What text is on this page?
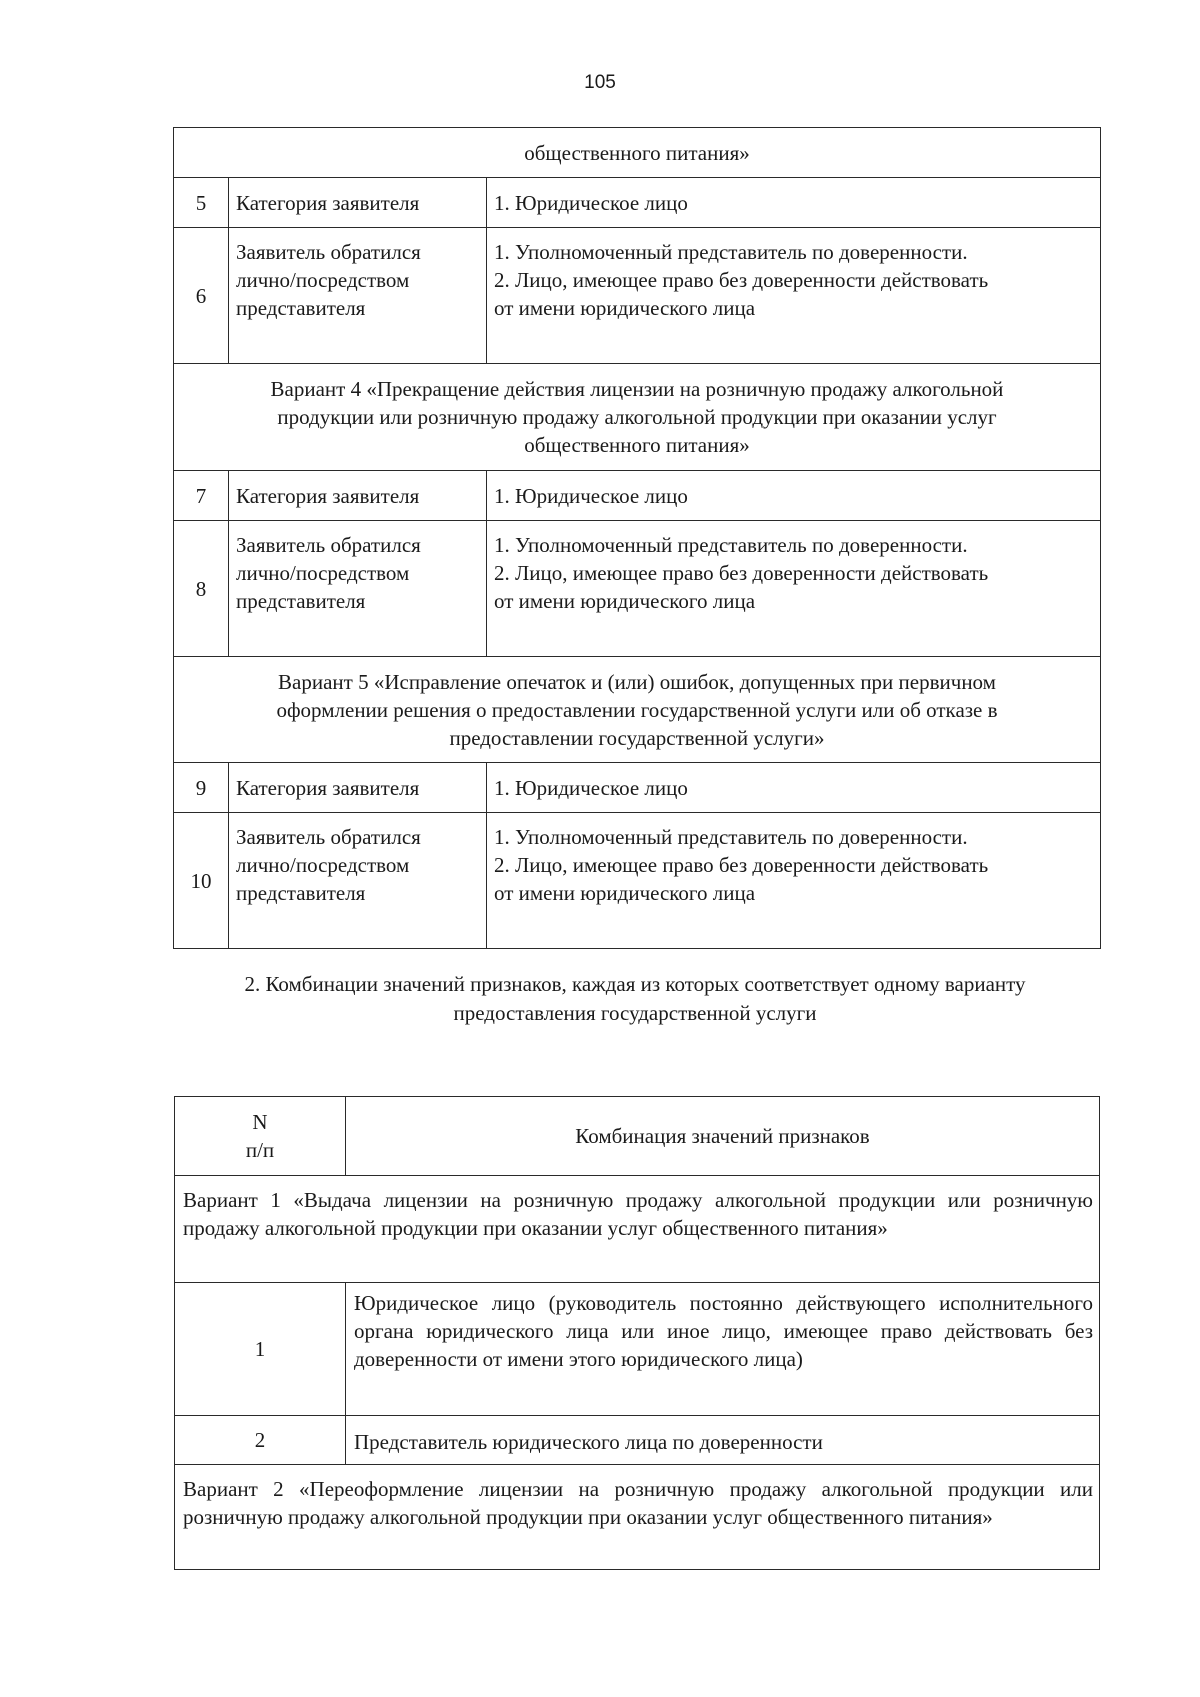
105
общественного питания»		
5	Категория заявителя	1. Юридическое лицо

6	Заявитель обратился
лично/посредством
представителя	1. Уполномоченный представитель по доверенности.
2. Лицо, имеющее право без доверенности действовать
от имени юридического лица

Вариант 4 «Прекращение действия лицензии на розничную продажу алкогольной
продукции или розничную продажу алкогольной продукции при оказании услуг
общественного питания»		

7	Категория заявителя	1. Юридическое лицо

8	Заявитель обратился
лично/посредством
представителя	1. Уполномоченный представитель по доверенности.
2. Лицо, имеющее право без доверенности действовать
от имени юридического лица

Вариант 5 «Исправление опечаток и (или) ошибок, допущенных при первичном
оформлении решения о предоставлении государственной услуги или об отказе в
предоставлении государственной услуги»		

9	Категория заявителя	1. Юридическое лицо

10	Заявитель обратился
лично/посредством
представителя	1. Уполномоченный представитель по доверенности.
2. Лицо, имеющее право без доверенности действовать
от имени юридического лица
2. Комбинации значений признаков, каждая из которых соответствует одному варианту
предоставления государственной услуги
N
п/п	Комбинация значений признаков
Вариант 1 «Выдача лицензии на розничную продажу алкогольной продукции или розничную продажу алкогольной продукции при оказании услуг общественного питания»	
1	Юридическое лицо (руководитель постоянно действующего исполнительного органа юридического лица или иное лицо, имеющее право действовать без доверенности от имени этого юридического лица)
2	Представитель юридического лица по доверенности
Вариант 2 «Переоформление лицензии на розничную продажу алкогольной продукции или розничную продажу алкогольной продукции при оказании услуг общественного питания»	
